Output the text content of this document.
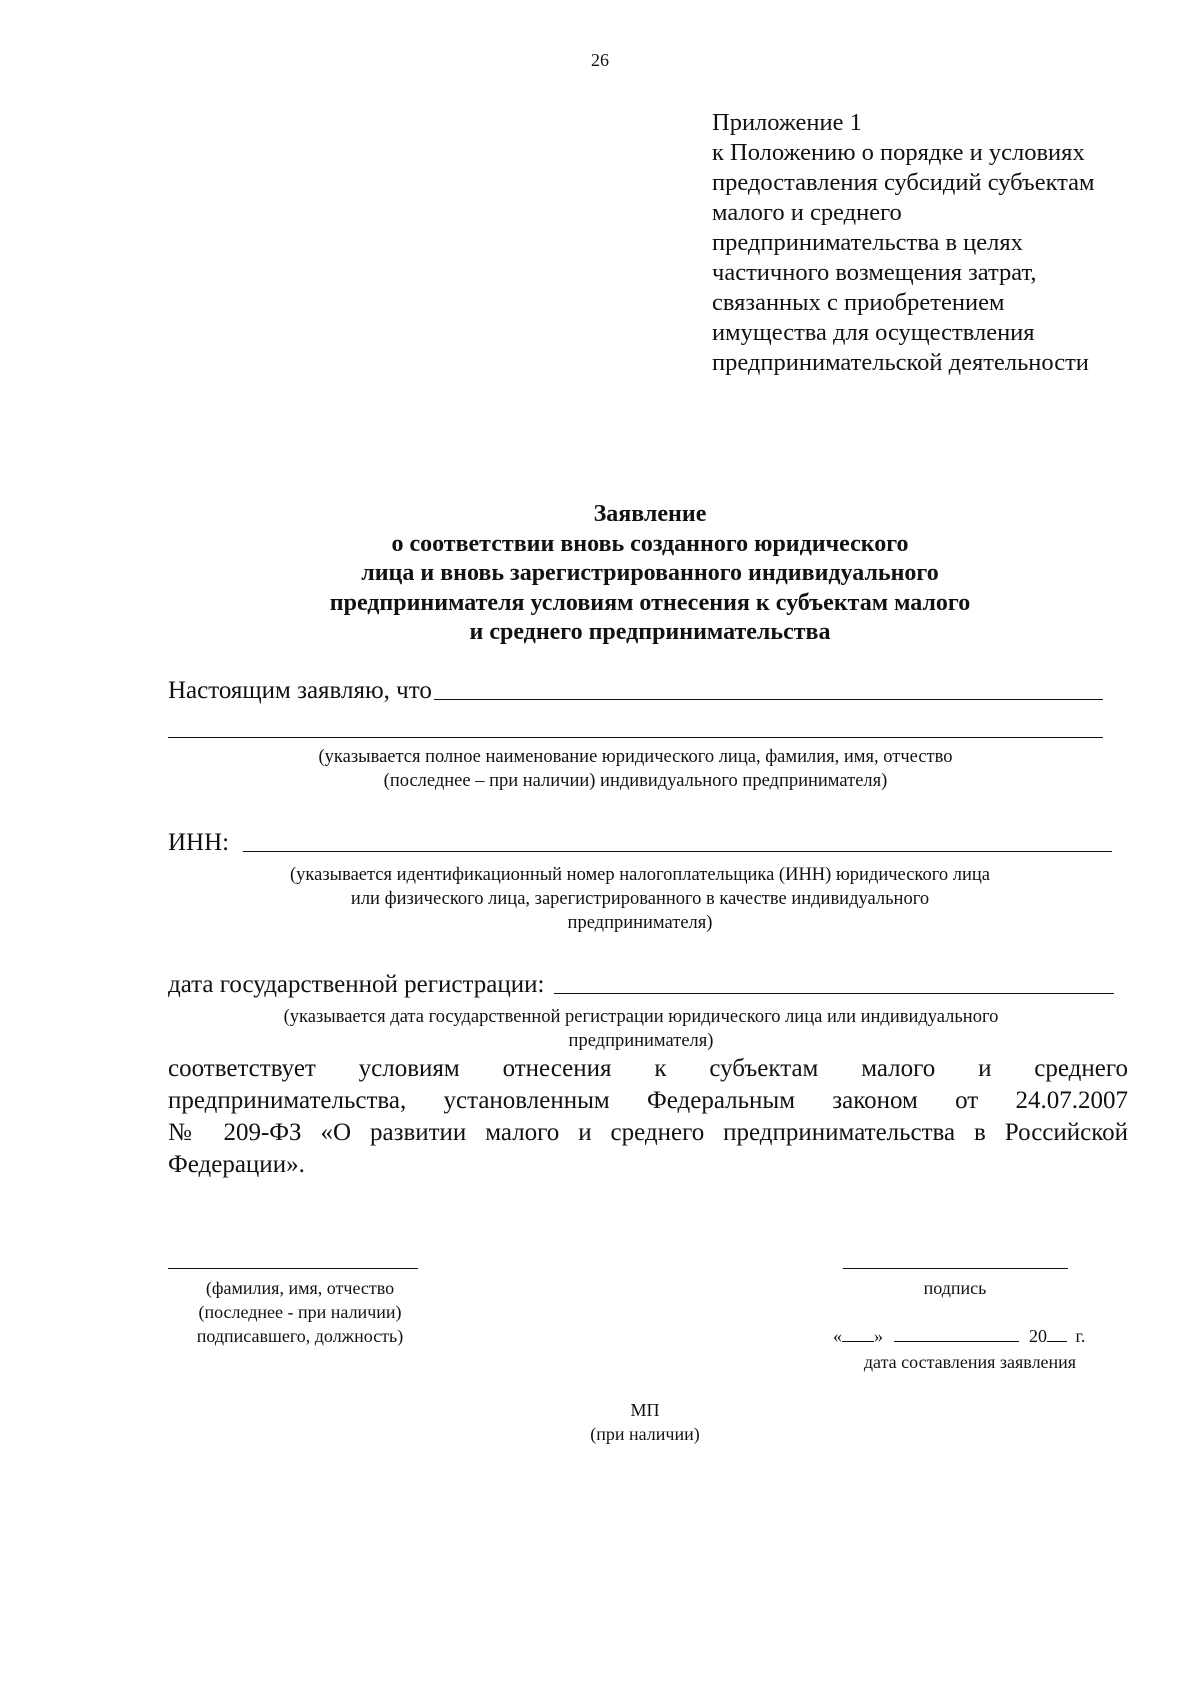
26
Приложение 1
к Положению о порядке и условиях
предоставления субсидий субъектам
малого и среднего
предпринимательства в целях
частичного возмещения затрат,
связанных с приобретением
имущества для осуществления
предпринимательской деятельности
Заявление
о соответствии вновь созданного юридического
лица и вновь зарегистрированного индивидуального
предпринимателя условиям отнесения к субъектам малого
и среднего предпринимательства
Настоящим заявляю, что
(указывается полное наименование юридического лица, фамилия, имя, отчество
(последнее – при наличии) индивидуального предпринимателя)
ИНН:
(указывается идентификационный номер налогоплательщика (ИНН) юридического лица
или физического лица, зарегистрированного в качестве индивидуального
предпринимателя)
дата государственной регистрации:
(указывается дата государственной регистрации юридического лица или индивидуального
предпринимателя)
соответствует условиям отнесения к субъектам малого и среднего
предпринимательства, установленным Федеральным законом от 24.07.2007
№ 209-ФЗ «О развитии малого и среднего предпринимательства в Российской
Федерации».
(фамилия, имя, отчество
(последнее - при наличии)
подписавшего, должность)
подпись
« »	20 г.
дата составления заявления
МП
(при наличии)
